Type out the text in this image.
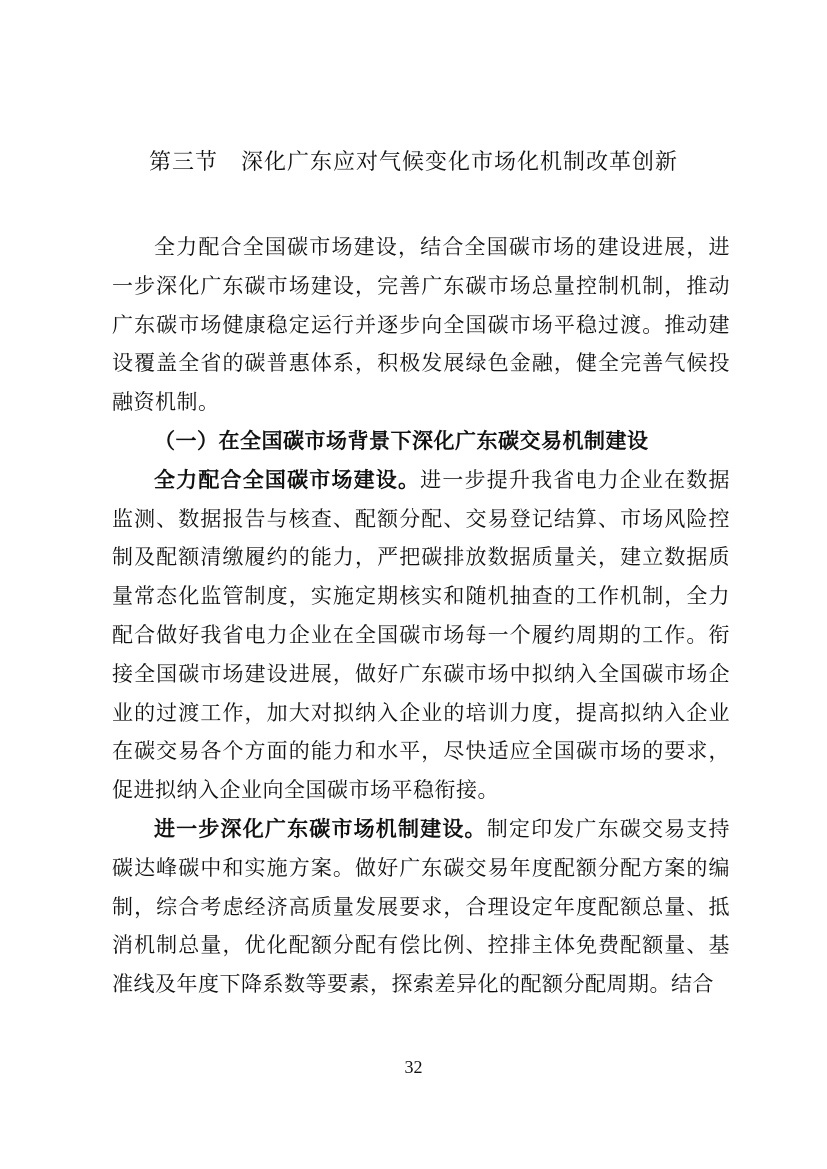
第三节　深化广东应对气候变化市场化机制改革创新

全力配合全国碳市场建设，结合全国碳市场的建设进展，进一步深化广东碳市场建设，完善广东碳市场总量控制机制，推动广东碳市场健康稳定运行并逐步向全国碳市场平稳过渡。推动建设覆盖全省的碳普惠体系，积极发展绿色金融，健全完善气候投融资机制。

（一）在全国碳市场背景下深化广东碳交易机制建设

全力配合全国碳市场建设。进一步提升我省电力企业在数据监测、数据报告与核查、配额分配、交易登记结算、市场风险控制及配额清缴履约的能力，严把碳排放数据质量关，建立数据质量常态化监管制度，实施定期核实和随机抽查的工作机制，全力配合做好我省电力企业在全国碳市场每一个履约周期的工作。衔接全国碳市场建设进展，做好广东碳市场中拟纳入全国碳市场企业的过渡工作，加大对拟纳入企业的培训力度，提高拟纳入企业在碳交易各个方面的能力和水平，尽快适应全国碳市场的要求，促进拟纳入企业向全国碳市场平稳衔接。

进一步深化广东碳市场机制建设。制定印发广东碳交易支持碳达峰碳中和实施方案。做好广东碳交易年度配额分配方案的编制，综合考虑经济高质量发展要求，合理设定年度配额总量、抵消机制总量，优化配额分配有偿比例、控排主体免费配额量、基准线及年度下降系数等要素，探索差异化的配额分配周期。结合

32
